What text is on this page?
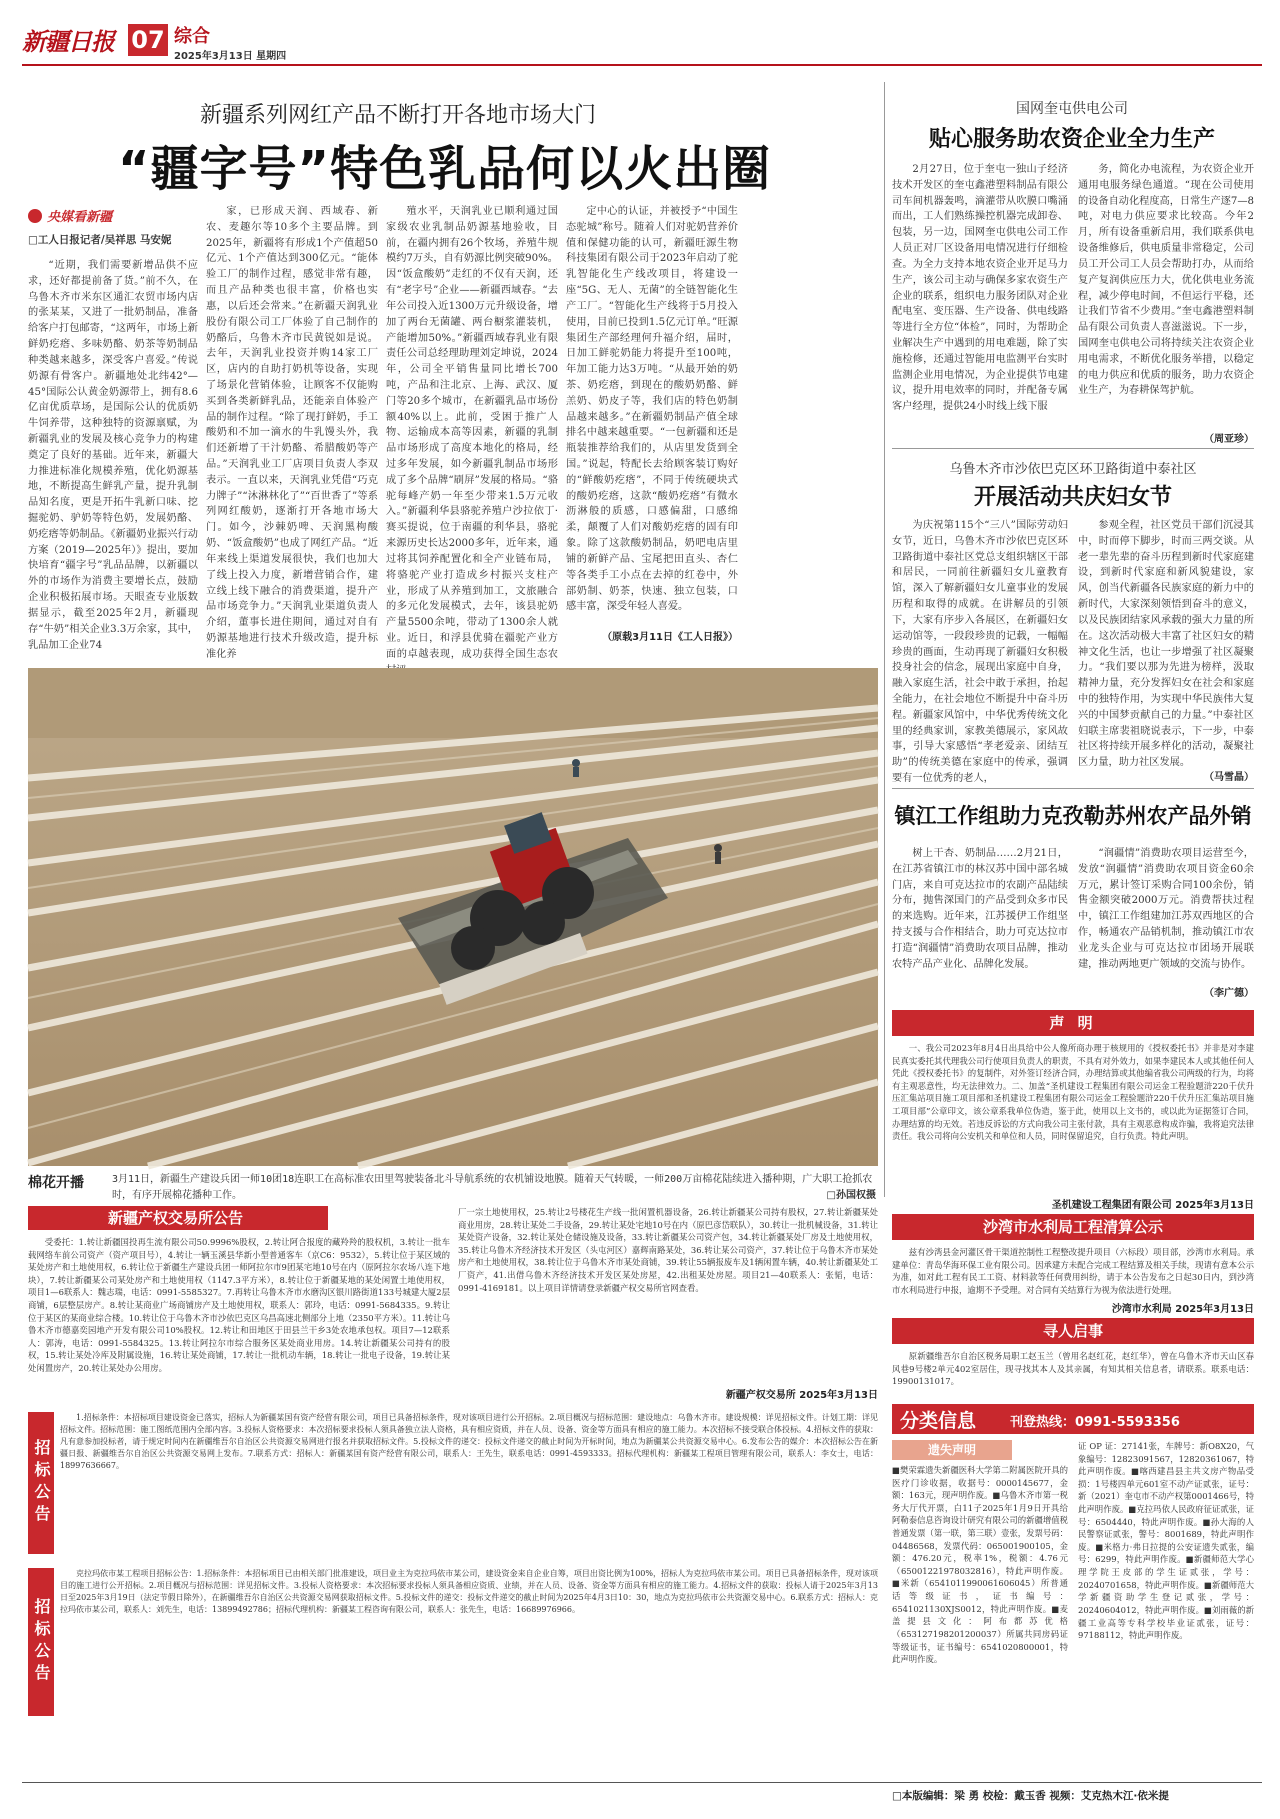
新疆日报 07 综合
2025年3月13日 星期四
新疆系列网红产品不断打开各地市场大门
“疆字号”特色乳品何以火出圈
央媒看新疆
□工人日报记者/吴祥思 马安妮

“近期，我们需要新增品供不应求，还好都提前备了货。”前不久，在乌鲁木齐市米东区通汇农贸市场内店的张某某，又进了一批奶制品，准备给客户打包邮寄，“这两年，市场上新鲜奶疙瘩、多味奶酪、奶茶等奶制品种类越来越多，深受客户喜爱。”传说奶源有骨客户。新疆地处北纬42°—45°国际公认黄金奶源带上，拥有8.6亿亩优质草场，是国际公认的优质奶牛饲养带，这种独特的资源禀赋，为新疆乳业的发展及核心竞争力的构建奠定了良好的基础。近年来，新疆大力推进标准化规模养殖，优化奶源基地，不断提高生鲜乳产量，提升乳制品知名度，更是开拓牛乳新口味、挖掘驼奶、驴奶等特色奶，发展奶酪、奶疙瘩等奶制品。《新疆奶业振兴行动方案（2019—2025年）》提出，要加快培育“疆字号”乳品品牌，以新疆以外的市场作为消费主要增长点，鼓励企业积极拓展市场。天眼查专业版数据显示，截至2025年2月，新疆现存“牛奶”相关企业3.3万余家，其中，乳品加工企业74

家，已形成天润、西域春、新农、麦趣尔等10多个主要品牌。到2025年，新疆将有形成1个产值超50亿元、1个产值达到300亿元。“能体验工厂的制作过程，感觉非常有趣，而且产品种类也很丰富，价格也实惠，以后还会常来。”在新疆天润乳业股份有限公司工厂体验了自己制作的奶酪后，乌鲁木齐市民黄锐如是说。去年，天润乳业投资并购14家工厂区，店内的自助打奶机等设备，实现了场景化营销体验，让顾客不仅能购买到各类新鲜乳品，还能亲自体验产品的制作过程。“除了现打鲜奶，手工酸奶和不加一滴水的牛乳馒头外，我们还新增了干汁奶酪、希腊酸奶等产品。”天润乳业工厂店项目负责人李双表示。一直以来，天润乳业凭借“巧克力牌子”“沐淋林化了”“百世香了”等系列网红酸奶，逐渐打开各地市场大门。如今，沙棘奶啤、天润黑枸酸奶、“饭盒酸奶”也成了网红产品。“近年来线上渠道发展很快，我们也加大了线上投入力度，新增营销合作，建立线上线下融合的消费渠道，提升产品市场竞争力。”天润乳业渠道负责人介绍，董事长进住期间，通过对自有奶源基地进行技术升级改造，提升标准化养

殖水平，天润乳业已顺利通过国家级农业乳制品奶源基地验收，目前，在疆内拥有26个牧场，养殖牛规模约7万头，自有奶源比例突破90%。因“饭盒酸奶”走红的不仅有天润，还有“老字号”企业——新疆西域春。“去年公司投入近1300万元升级设备，增加了两台无菌罐、两台橱浆灌装机，产能增加50%。”新疆西域春乳业有限责任公司总经理助理刘定坤说，2024年，公司全平销售量同比增长700吨，产品和注北京、上海、武汉、厦门等20多个城市，在新疆乳品市场份额40%以上。此前，受困于推广人物、运输成本高等因素，新疆的乳制品市场形成了高度本地化的格局，经过多年发展，如今新疆乳制品市场形成了多个品牌“刷屏”发展的格局。“骆驼每峰产奶一年至少带来1.5万元收入。”新疆利华县骆驼养殖户沙拉依丁·赛买提说，位于南疆的利华县，骆驼来源历史长达2000多年，近年来，通过将其饲养配置化和全产业链布局，将骆驼产业打造成乡村振兴支柱产业，形成了从养殖到加工，文旅融合的多元化发展模式，去年，该县驼奶产量5500余吨，带动了1300余人就业。近日，和浮县优骑在疆驼产业方面的卓越表现，成功获得全国生态农

定中心的认证，并被授予“中国生态驼城”称号。随着人们对驼奶营养价值和保健功能的认可，新疆旺源生物科技集团有限公司于2023年启动了驼乳智能化生产线改项目，将建设一座“5G、无人、无菌”的全链智能化生产工厂。“智能化生产线将于5月投入使用，目前已投到1.5亿元订单。”旺源集团生产部经理何升福介绍，届时，日加工鲜驼奶能力将提升至100吨，年加工能力达3万吨。“从最开始的奶茶、奶疙瘩，到现在的酸奶奶酪、鲜羔奶、奶皮子等，我们店的特色奶制品越来越多。”在新疆奶制品产值全球排名中越来越重要。“一包新疆和还是瓶装推荐给我们的，从店里发货到全国。”说起，特配长去给顾客装订购好的“鲜酸奶疙瘩”，不同于传统硬块式的酸奶疙瘩，这款“酸奶疙瘩”有微水沥淋般的质感，口感偏甜，口感绵柔，颠覆了人们对酸奶疙瘩的固有印象。除了这款酸奶制品，奶吧电店里铺的新鲜产品、宝尾把田直头、杏仁等各类手工小点在去掉的红卷中，外部奶制、奶茶，快速、独立包装，口感丰富，深受年轻人喜爱。

（原载3月11日《工人日报》）
棉花开播	3月11日，新疆生产建设兵团一师10团18连职工在高标准农田里驾驶装备北斗导航系统的农机铺设地膜。随着天气转暖，一师200万亩棉花陆续进入播种期，广大职工抢抓农时，有序开展棉花播种工作。	□孙国权摄
国网奎屯供电公司
贴心服务助农资企业全力生产

2月27日，位于奎屯一独山子经济技术开发区的奎屯鑫港塑料制品有限公司车间机器轰鸣，滴灌带从吹膜口嘴涌而出，工人们熟练操控机器完成卸卷、包装，另一边，国网奎屯供电公司工作人员正对厂区设备用电情况进行仔细检查。为全力支持本地农资企业开足马力生产，该公司主动与确保多家农资生产企业的联系，组织电力服务团队对企业配电室、变压器、生产设备、供电线路等进行全方位“体检”，同时，为帮助企业解决生产中遇到的用电难题，除了实施检修，还通过智能用电监测平台实时监测企业用电情况，为企业提供节电建议，提升用电效率的同时，并配备专属客户经理，提供24小时线上线下服

务，简化办电流程，为农资企业开通用电服务绿色通道。“现在公司使用的设备自动化程度高，日常生产逐7—8吨，对电力供应要求比较高。今年2月，所有设备重新启用，我们联系供电设备维修后，供电质量非常稳定，公司员工开公司工人员会帮助打办，从而给复产复润供应压力大，优化供电业务流程，减少停电时间，不但运行平稳，还让我们节省不少费用。”奎屯鑫港塑料制品有限公司负责人喜滋滋说。下一步，国网奎屯供电公司将持续关注农资企业用电需求，不断优化服务举措，以稳定的电力供应和优质的服务，助力农资企业生产，为春耕保驾护航。

（周亚珍）
乌鲁木齐市沙依巴克区环卫路街道中泰社区
开展活动共庆妇女节

为庆祝第115个“三八”国际劳动妇女节，近日，乌鲁木齐市沙依巴克区环卫路街道中泰社区党总支组织辖区干部和居民，一同前往新疆妇女儿童教育馆，深入了解新疆妇女儿童事业的发展历程和取得的成就。在讲解员的引领下，大家有序步入各展区，在新疆妇女运动馆等，一段段珍贵的记载，一幅幅珍贵的画面，生动再现了新疆妇女积极投身社会的信念，展现出家庭中自身，融入家庭生活，社会中敢于承担，抬起全能力，在社会地位不断提升中奋斗历程。新疆家风馆中，中华优秀传统文化里的经典家训，家教美德展示，家风故事，引导大家感悟“孝老爱亲、团结互助”的传统美德在家庭中的传承，强调要有一位优秀的老人，

参观全程，社区党员干部们沉浸其中，时而停下脚步，时而三两交谈。从老一辈先辈的奋斗历程到新时代家庭建设，到新时代家庭和新风貌建设，家风，创当代新疆各民族家庭的新力中的新时代，大家深刻领悟到奋斗的意义，以及民族团结家风承载的强大力量的所在。这次活动极大丰富了社区妇女的精神文化生活，也让一步增强了社区凝聚力。“我们要以那为先进为榜样，汲取精神力量，充分发挥妇女在社会和家庭中的独特作用，为实现中华民族伟大复兴的中国梦贡献自己的力量。”中泰社区妇联主席裴祖晓说表示，下一步，中泰社区将持续开展多样化的活动，凝聚社区力量，助力社区发展。

（马雪晶）
镇江工作组助力克孜勒苏州农产品外销

树上干杏、奶制品……2月21日，在江苏省镇江市的林汉苏中国中部名城门店，来自可克达拉市的农副产品陆续分布，抛售深国门的产品受到众多市民的来选购。近年来，江苏援伊工作组坚持支援与合作相结合，助力可克达拉市打造“润疆情”消费助农项目品牌，推动农特产品产业化、品牌化发展。

“润疆情”消费助农项目运营至今，发放“润疆情”消费助农项目资金60余万元，累计签订采购合同100余份，销售金额突破2000万元。消费帮扶过程中，镇江工作组建加江苏双西地区的合作，畅通农产品销机制，推动镇江市农业龙头企业与可克达拉市团场开展联建，推动两地更广领域的交流与协作。

（李广德）
声 明

一、我公司2023年8月4日出具给中公人像所商办理于核规用的《授权委托书》并非是对李建民真实委托其代理我公司行使项目负责人的职责，不具有对外效力，如果李建民本人或其他任何人凭此《授权委托书》的复制件，对外签订经济合同，办理结算或其他编省我公司两级的行为，均将有主观恶意性，均无法律效力。二、加盖“圣机建设工程集团有限公司运金工程验题浒220千伏升压汇集站项目施工项目部和圣机建设工程集团有限公司运金工程验题浒220千伏升压汇集站项目施工项目部”公章印文，该公章系我单位伪造，鉴于此，使用以上文书的，或以此为证据签订合同，办理结算的均无效。若违反诉讼的方式向我公司主张付款，具有主观恶意构成诈骗，我将追究法律责任。我公司将向公安机关和单位和人员，同时保留追究，自行负责。特此声明。

圣机建设工程集团有限公司 2025年3月13日
沙湾市水利局工程清算公示

兹有沙湾县金河灌区骨干渠道控制性工程整改提升项目（六标段）项目部，沙湾市水利局。承建单位：青岛华海环保工业有限公司。因承建方未配合完成工程结算及相关手续，现请有意本公示为准，如对此工程有民工工资、材料款等任何费用纠纷，请于本公告发布之日起30日内，到沙湾市水利局进行申报，逾期不予受理。对合同有关结算行为视为依法进行处理。

沙湾市水利局 2025年3月13日
寻人启事

原新疆维吾尔自治区税务局职工赵玉兰（曾用名赵红花，赵红华），曾在乌鲁木齐市天山区春风巷9号楼2单元402室居住，现寻找其本人及其亲属，有知其相关信息者，请联系。联系电话：19900131017。

新疆产权交易所公告

受委托：1.转让新疆国投再生流有限公司50.9996%股权，2.转让阿合报度的藏羚羚的股权机，3.转让一批车载网络车前公司资产（资产项目号），4.转让一辆玉溪县华新小型普通客车（京C6：9532），5.转让位于某区域的某处房产和土地使用权，6.转让位于新疆生产建设兵团一师阿拉尔市9团某宅地10号在内（原阿拉尔农场八连下地块），7.转让新疆某公司某处房产和土地使用权（1147.3平方米），8.转让位于新疆某地的某处闲置土地使用权，项目1—6联系人：魏志瑞，电话：0991-5585327。7.再转让乌鲁木齐市水磨沟区银川路街道133号城建大厦2层商铺，6层整层房产。8.转让某商业广场商铺房产及土地使用权，联系人：郭玲，电话：0991-5684335。9.转让位于某区的某商业综合楼。10.转让位于乌鲁木齐市沙依巴克区乌昌高速北侧部分上地（2350平方米）。11.转让乌鲁木齐市德嘉奕园地产开发有限公司10%股权。12.转让和田地区于田县兰干乡3处农地承包权。项目7—12联系人：郭涛，电话：0991-5584325。13.转让阿拉尔市综合服务区某处商业用房。14.转让新疆某公司持有的股权，15.转让某处冷库及附属设施，16.转让某处商铺，17.转让一批机动车辆，18.转让一批电子设备，19.转让某处闲置房产，20.转让某处办公用房。

厂一宗土地使用权，25.转让2号楼花生产线一批闲置机器设备，26.转让新疆某公司持有股权，27.转让新疆某处商业用房，28.转让某处二手设备，29.转让某处宅地10号在内（原巴彦岱联队），30.转让一批机械设备，31.转让某处资产设备，32.转让某处仓储设施及设备，33.转让新疆某公司资产包，34.转让新疆某处厂房及土地使用权，35.转让乌鲁木齐经济技术开发区（头屯河区）嘉辉南路某处，36.转让某公司资产，37.转让位于乌鲁木齐市某处房产和土地使用权，38.转让位于乌鲁木齐市某处商铺，39.转让55辆报废车及1辆闲置车辆，40.转让新疆某处工厂资产，41.出借乌鲁木齐经济技术开发区某处房屋，42.出租某处房屋。项目21—40联系人：张韬，电话：0991-4169181。以上项目详情请登录新疆产权交易所官网查看。

新疆产权交易所 2025年3月13日
招标公告

1.招标条件：本招标项目建设资金已落实，招标人为新疆某国有资产经营有限公司，项目已具备招标条件，现对该项目进行公开招标。2.项目概况与招标范围：建设地点：乌鲁木齐市。建设规模：详见招标文件。计划工期：详见招标文件。招标范围：施工图纸范围内全部内容。3.投标人资格要求：本次招标要求投标人须具备独立法人资格，具有相应资质，并在人员、设备、资金等方面具有相应的施工能力。本次招标不接受联合体投标。4.招标文件的获取：凡有意参加投标者，请于规定时间内在新疆维吾尔自治区公共资源交易网进行报名并获取招标文件。5.投标文件的递交：投标文件递交的截止时间为开标时间，地点为新疆某公共资源交易中心。6.发布公告的媒介：本次招标公告在新疆日报、新疆维吾尔自治区公共资源交易网上发布。7.联系方式：招标人：新疆某国有资产经营有限公司，联系人：王先生，联系电话：0991-4593333。招标代理机构：新疆某工程项目管理有限公司，联系人：李女士，电话：18997636667。

招标公告

克拉玛依市某工程项目招标公告：1.招标条件：本招标项目已由相关部门批准建设，项目业主为克拉玛依市某公司，建设资金来自企业自筹，项目出资比例为100%，招标人为克拉玛依市某公司。项目已具备招标条件，现对该项目的施工进行公开招标。2.项目概况与招标范围：详见招标文件。3.投标人资格要求：本次招标要求投标人须具备相应资质、业绩，并在人员、设备、资金等方面具有相应的施工能力。4.招标文件的获取：投标人请于2025年3月13日至2025年3月19日（法定节假日除外），在新疆维吾尔自治区公共资源交易网获取招标文件。5.投标文件的递交：投标文件递交的截止时间为2025年4月3日10：30，地点为克拉玛依市公共资源交易中心。6.联系方式：招标人：克拉玛依市某公司，联系人：刘先生，电话：13899492786；招标代理机构：新疆某工程咨询有限公司，联系人：张先生，电话：16689976966。

分类信息	刊登热线：0991-5593356
遗失声明

■樊荣霖遗失新疆医科大学第二附属医院开具的医疗门诊收据，收据号：0000145677，金额：163元，现声明作废。■乌鲁木齐市第一税务大厅代开票，白11子2025年1月9日开具给阿勒泰信息咨询设计研究有限公司的新疆增值税普通发票（第一联，第三联）壹张，发票号码：04486568，发票代码：065001900105，金额：476.20元，税率1%，税额：4.76元（65001221978032816），特此声明作废。■米新（6541011990061606045）所普通话等级证书，证书编号：6541021130XJS0012，特此声明作废。■麦盖提县文化：阿布都苏优格（653127198201200037）所属共同房码证等级证书，证书编号：6541020800001，特此声明作废。

证 OP 证：27141张，车牌号：新O8X20，气象编号：12823091567，12820361067，特此声明作废。■喀西建昌县主共文房产物品受损：1号楼四单元601室不动产证贰张，证号：新（2021）奎屯市不动产权第0001466号，特此声明作废。■克拉玛依人民政府征证贰张，证号：6504440，特此声明作废。■孙大海的人民警察证贰张，警号：8001689，特此声明作废。■米格力·弗日拉提的公安证遗失贰张，编号：6299，特此声明作废。■新疆师范大学心理学院王皮部的学生证贰张，学号：20240701658，特此声明作废。■新疆师范大学新疆资助学生登记贰张，学号：20240604012，特此声明作废。■刘雨薇的新疆工业高等专科学校毕业证贰张，证号：97188112，特此声明作废。

□本版编辑：梁 勇 校检：戴玉香 视频：艾克热木江·依米提
